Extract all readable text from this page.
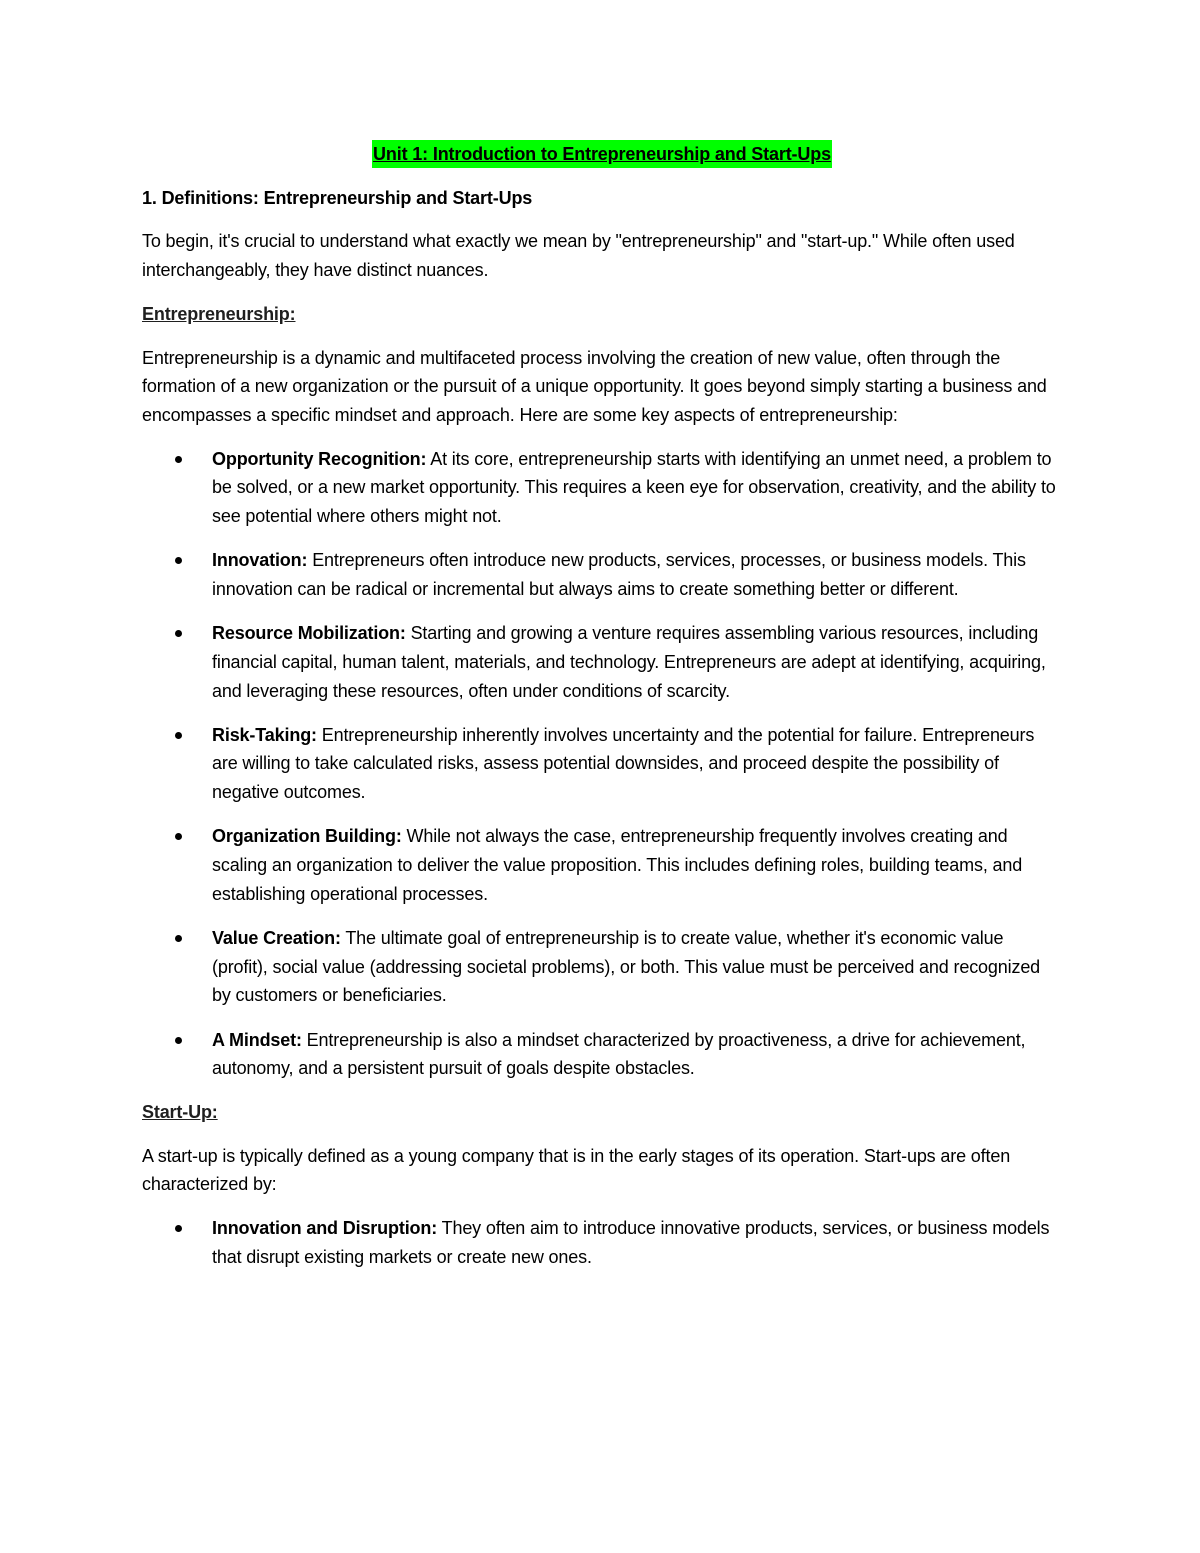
Unit 1: Introduction to Entrepreneurship and Start-Ups
1. Definitions: Entrepreneurship and Start-Ups

To begin, it's crucial to understand what exactly we mean by "entrepreneurship" and "start-up." While often used interchangeably, they have distinct nuances.

Entrepreneurship:

Entrepreneurship is a dynamic and multifaceted process involving the creation of new value, often through the formation of a new organization or the pursuit of a unique opportunity. It goes beyond simply starting a business and encompasses a specific mindset and approach. Here are some key aspects of entrepreneurship:

Opportunity Recognition: At its core, entrepreneurship starts with identifying an unmet need, a problem to be solved, or a new market opportunity. This requires a keen eye for observation, creativity, and the ability to see potential where others might not.
Innovation: Entrepreneurs often introduce new products, services, processes, or business models. This innovation can be radical or incremental but always aims to create something better or different.
Resource Mobilization: Starting and growing a venture requires assembling various resources, including financial capital, human talent, materials, and technology. Entrepreneurs are adept at identifying, acquiring, and leveraging these resources, often under conditions of scarcity.
Risk-Taking: Entrepreneurship inherently involves uncertainty and the potential for failure. Entrepreneurs are willing to take calculated risks, assess potential downsides, and proceed despite the possibility of negative outcomes.
Organization Building: While not always the case, entrepreneurship frequently involves creating and scaling an organization to deliver the value proposition. This includes defining roles, building teams, and establishing operational processes.
Value Creation: The ultimate goal of entrepreneurship is to create value, whether it's economic value (profit), social value (addressing societal problems), or both. This value must be perceived and recognized by customers or beneficiaries.
A Mindset: Entrepreneurship is also a mindset characterized by proactiveness, a drive for achievement, autonomy, and a persistent pursuit of goals despite obstacles.
Start-Up:

A start-up is typically defined as a young company that is in the early stages of its operation. Start-ups are often characterized by:

Innovation and Disruption: They often aim to introduce innovative products, services, or business models that disrupt existing markets or create new ones.
